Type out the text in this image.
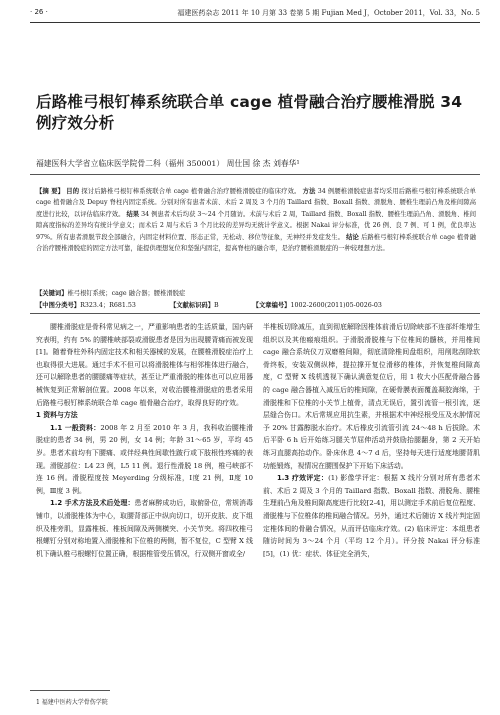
· 26 ·	福建医药杂志 2011 年 10 月第 33 卷第 5 期 Fujian Med J，October 2011，Vol. 33，No. 5
后路椎弓根钉棒系统联合单 cage 植骨融合治疗腰椎滑脱 34 例疗效分析
福建医科大学省立临床医学院骨二科（福州 350001） 周仕国 徐 杰 刘春华¹
【摘 要】 目的 探讨后路椎弓根钉棒系统联合单 cage 植骨融合治疗腰椎滑脱症的临床疗效。 方法 34 例腰椎滑脱症患者均采用后路椎弓根钉棒系统联合单 cage 植骨融合及 Depuy 脊柱内固定系统。分别对所有患者术前、术后 2 周及 3 个月的 Taillard 指数、Boxall 指数、滑脱角、腰椎生理前凸角及椎间隙高度进行比较，以评估临床疗效。 结果 34 例患者术后均获 3～24 个月随访。术前与术后 2 周，Taillard 指数、Boxall 指数、腰椎生理前凸角、滑脱角、椎间隙高度指标的差异均有统计学意义；而术后 2 周与术后 3 个月比较的差异均无统计学意义。根据 Nakai 评分标准，优 26 例、良 7 例、可 1 例，优良率达 97%。所有患者滑脱节段全部融合，内固定材料位置、形态正常，无松动、移位等征象，无神经并发症发生。 结论 后路椎弓根钉棒系统联合单 cage 植骨融合治疗腰椎滑脱症的固定方法可靠，能提供理想复位和坚强内固定，提高脊柱的融合率，是治疗腰椎滑脱症的一种较理想方法。
【关键词】椎弓根钉系统；cage 融合器；腰椎滑脱症
【中图分类号】R323.4；R681.53	【文献标识码】B	【文章编号】1002-2600(2011)05-0026-03

腰椎滑脱症是骨科常见病之一，严重影响患者的生活质量，国内研究表明，约有 5% 的腰椎峡部裂或滑脱患者是因为出现腰背痛而被发现[1]。随着脊柱外科内固定技术和相关器械的发展，在腰椎滑脱症治疗上也取得很大进展。通过手术不但可以将滑脱椎体与相邻椎体进行融合，还可以解除患者的腰腿痛等症状，甚至让严重滑脱的椎体也可以应用器械恢复到正常解剖位置。2008 年以来，对收治腰椎滑脱症的患者采用后路椎弓根钉棒系统联合单 cage 植骨融合治疗，取得良好的疗效。

1 资料与方法

1.1 一般资料：2008 年 2 月至 2010 年 3 月，我科收治腰椎滑脱症的患者 34 例，男 20 例，女 14 例；年龄 31～65 岁，平均 45 岁。患者术前均有下腰痛、或伴经典性间歇性跛行或下肢根性疼痛的表现。滑脱部位：L4 23 例，L5 11 例。退行性滑脱 18 例，椎弓峡部不连 16 例。滑脱程度按 Meyerding 分级标准，Ⅰ度 21 例，Ⅱ度 10 例，Ⅲ度 3 例。

1.2 手术方法及术后处理：患者麻醉成功后，取俯卧位，常规消毒铺巾，以滑脱椎体为中心，取腰背部正中纵向切口，切开皮肤、皮下组织及椎旁肌，显露椎板、椎板间隙及两侧横突、小关节突。将四枚椎弓根螺钉分别对称地置入滑脱椎和下位椎的两侧，暂不复位，C 型臂 X 线机下确认椎弓根螺钉位置正确，根据椎管受压情况，行双侧开窗或全/

半椎板切除减压，直到彻底解除因椎体前滑后切除峡部不连部纤维增生组织以及其他瘢痕组织。于滑脱滑脱椎与下位椎间的髓核，并用椎间 cage 融合系统仪刀双磨椎间隙，彻底清除椎间盘组织，用削匙刮除软骨终板，安装双侧纵棒，提拉撑开复位滑移的椎体，并恢复椎间隙高度，C 型臂 X 线机透视下确认满意复位后，用 1 枚大小匹配骨融合器的 cage 融合器植入减压后的椎间隙，在硬骨膜表面覆盖凝胶海绵，于滑脱椎和下位椎的小关节上植骨，清点无误后，置引流管一根引流，逐层缝合伤口。术后常规应用抗生素，并根据术中神经根受压及水肿情况予 20% 甘露醇脱水治疗。术后橡皮引流管引流 24～48 h 后拔除。术后平卧 6 h 后开始练习腿关节屈伸活动并鼓励抬腿翻身，第 2 天开始练习直腿高抬动作。卧床休息 4～7 d 后，坚持每天进行适度地腰背肌功能锻炼，视情况在腰围保护下开始下床活动。

1.3 疗效评定：(1) 影像学评定：根据 X 线片分别对所有患者术前、术后 2 周及 3 个月的 Taillard 指数、Boxall 指数、滑脱角、腰椎生理前凸角及椎间隙高度进行比较[2-4]，用以测定手术前后复位程度、滑脱椎与下位椎体的椎间融合情况。另外，通过术后随访 X 线片判定固定椎体间的骨融合情况，从而评估临床疗效。(2) 临床评定：本组患者随访时间为 3～24 个月（平均 12 个月）。评分按 Nakai 评分标准[5]，(1) 优：症状、体征完全消失，

1 福建中医药大学骨伤学院
